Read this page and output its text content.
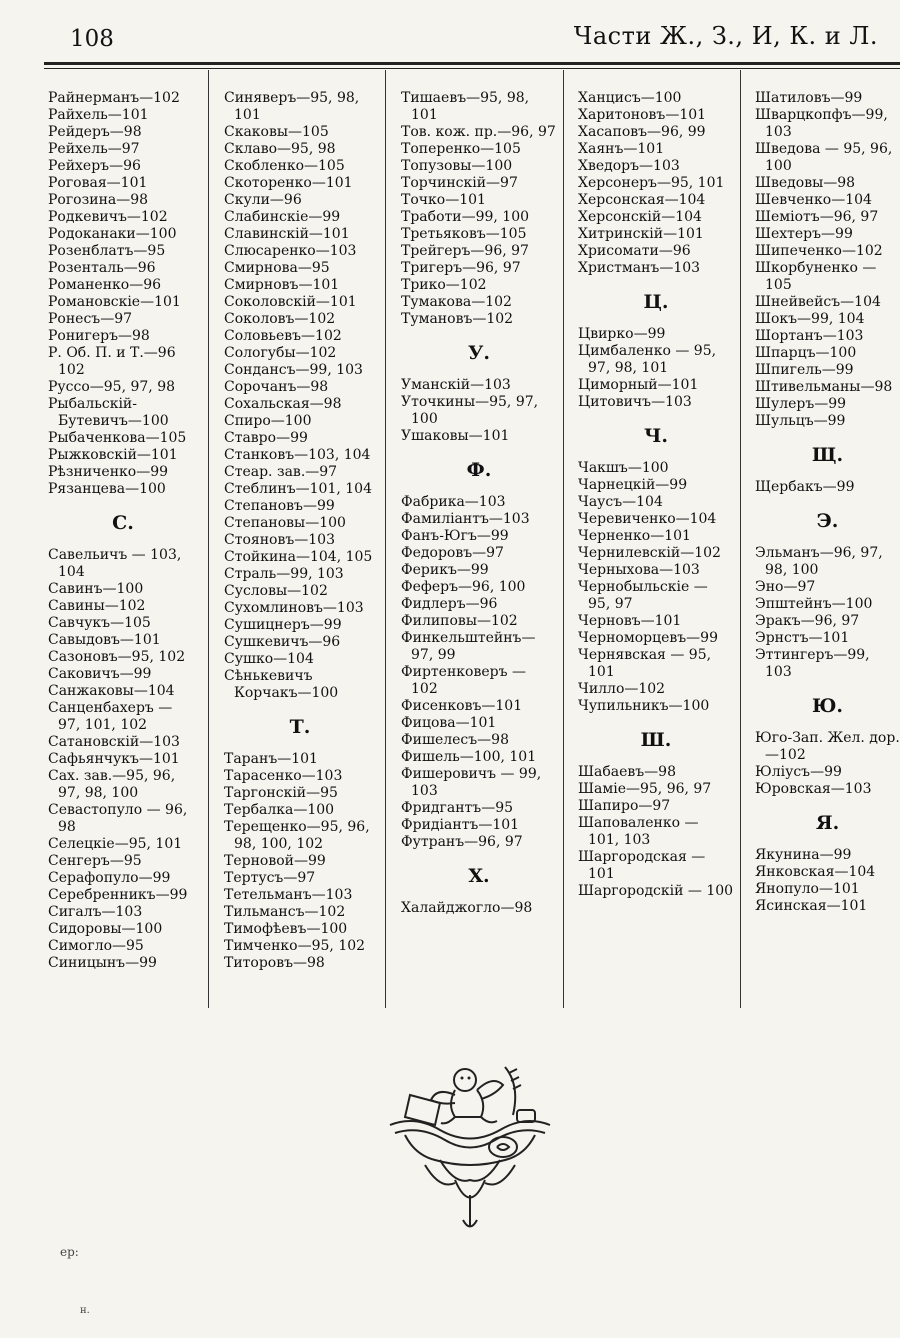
108	Части Ж., З., И, К. и Л.
Райнерманъ—102
Райхель—101
Рейдеръ—98
Рейхель—97
Рейхеръ—96
Роговая—101
Рогозина—98
Родкевичъ—102
Родоканаки—100
Розенблатъ—95
Розенталь—96
Романенко—96
Романовскіе—101
Ронесъ—97
Ронигеръ—98
Р. Об. П. и Т.—96 102
Руссо—95, 97, 98
Рыбальскій-Бутевичъ—100
Рыбаченкова—105
Рыжковскій—101
Рѣзниченко—99
Рязанцева—100
С.
Савельичъ — 103, 104
Савинъ—100
Савины—102
Савчукъ—105
Савыдовъ—101
Сазоновъ—95, 102
Саковичъ—99
Санжаковы—104
Санценбахеръ — 97, 101, 102
Сатановскій—103
Сафьянчукъ—101
Сах. зав.—95, 96, 97, 98, 100
Севастопуло — 96, 98
Селецкіе—95, 101
Сенгеръ—95
Серафопуло—99
Серебренникъ—99
Сигалъ—103
Сидоровы—100
Симогло—95
Синицынъ—99
Синяверъ—95, 98, 101
Скаковы—105
Склаво—95, 98
Скобленко—105
Скоторенко—101
Скули—96
Слабинскіе—99
Славинскій—101
Слюсаренко—103
Смирнова—95
Смирновъ—101
Соколовскій—101
Соколовъ—102
Соловьевъ—102
Сологубы—102
Сондансъ—99, 103
Сорочанъ—98
Сохальская—98
Спиро—100
Ставро—99
Станковъ—103, 104
Стеар. зав.—97
Стеблинъ—101, 104
Степановъ—99
Степановы—100
Стояновъ—103
Стойкина—104, 105
Страль—99, 103
Сусловы—102
Сухомлиновъ—103
Сушицнеръ—99
Сушкевичъ—96
Сушко—104
Сѣнькевичъ Корчакъ—100
Т.
Таранъ—101
Тарасенко—103
Таргонскій—95
Тербалка—100
Терещенко—95, 96, 98, 100, 102
Терновой—99
Тертусъ—97
Тетельманъ—103
Тильмансъ—102
Тимофѣевъ—100
Тимченко—95, 102
Титоровъ—98
Тишаевъ—95, 98, 101
Тов. кож. пр.—96, 97
Топеренко—105
Топузовы—100
Торчинскій—97
Точко—101
Тработи—99, 100
Третьяковъ—105
Трейгеръ—96, 97
Тригеръ—96, 97
Трико—102
Тумакова—102
Тумановъ—102
У.
Уманскій—103
Уточкины—95, 97, 100
Ушаковы—101
Ф.
Фабрика—103
Фамиліантъ—103
Фанъ-Югъ—99
Федоровъ—97
Ферикъ—99
Феферъ—96, 100
Фидлеръ—96
Филиповы—102
Финкельштейнъ—97, 99
Фиртенковеръ — 102
Фисенковъ—101
Фицова—101
Фишелесъ—98
Фишель—100, 101
Фишеровичъ — 99, 103
Фридгантъ—95
Фридіантъ—101
Футранъ—96, 97
Х.
Халайджогло—98
Ханцисъ—100
Харитоновъ—101
Хасаповъ—96, 99
Хаянъ—101
Хведоръ—103
Херсонеръ—95, 101
Херсонская—104
Херсонскій—104
Хитринскій—101
Хрисомати—96
Христманъ—103
Ц.
Цвирко—99
Цимбаленко — 95, 97, 98, 101
Циморный—101
Цитовичъ—103
Ч.
Чакшъ—100
Чарнецкій—99
Чаусъ—104
Черевиченко—104
Черненко—101
Чернилевскій—102
Черныхова—103
Чернобыльскіе — 95, 97
Черновъ—101
Черноморцевъ—99
Чернявская — 95, 101
Чилло—102
Чупильникъ—100
Ш.
Шабаевъ—98
Шаміе—95, 96, 97
Шапиро—97
Шаповаленко — 101, 103
Шаргородская — 101
Шаргородскій — 100
Шатиловъ—99
Шварцкопфъ—99, 103
Шведова — 95, 96, 100
Шведовы—98
Шевченко—104
Шеміотъ—96, 97
Шехтеръ—99
Шипеченко—102
Шкорбуненко — 105
Шнейвейсъ—104
Шокъ—99, 104
Шортанъ—103
Шпарцъ—100
Шпигель—99
Штивельманы—98
Шулеръ—99
Шульцъ—99
Щ.
Щербакъ—99
Э.
Эльманъ—96, 97, 98, 100
Эно—97
Эпштейнъ—100
Эракъ—96, 97
Эрнстъ—101
Эттингеръ—99, 103
Ю.
Юго-Зап. Жел. дор.—102
Юліусъ—99
Юровская—103
Я.
Якунина—99
Янковская—104
Янопуло—101
Ясинская—101
ер:
н.
